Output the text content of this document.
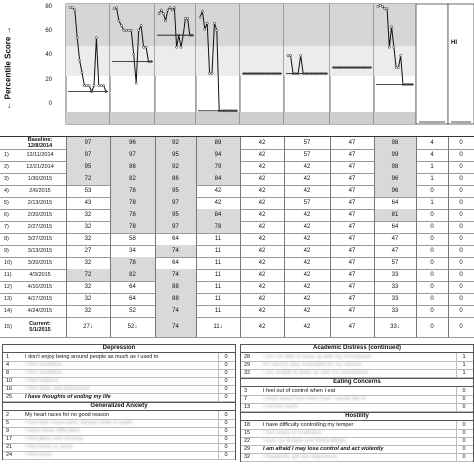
← Percentile Score →
80
60
40
20
0
HI
Baseline: 12/8/2014	97	96	92	89	42	57	47	98	4	0
1)	12/11/2014	97	97	95	94	42	57	47	99	4	0
2)	12/21/2014	95	86	92	79	42	42	47	98	1	0
3)	1/30/2015	72	82	86	84	42	42	47	96	1	0
4)	2/6/2015	53	78	95	42	42	42	47	96	0	0
5)	2/13/2015	43	78	97	42	42	57	47	64	1	0
6)	2/20/2015	32	78	95	84	42	42	47	81	0	0
7)	2/27/2015	32	78	97	78	42	42	47	64	0	0
8)	3/27/2015	32	58	64	11	42	42	47	47	0	0
9)	3/13/2015	27	34	74	11	42	42	47	47	0	0
10)	3/20/2015	32	78	64	11	42	42	47	57	0	0
11)	4/3/2015	72	82	74	11	42	42	47	33	0	0
12)	4/10/2015	32	64	88	11	42	42	47	33	0	0
13)	4/17/2015	32	64	88	11	42	42	47	33	0	0
14)	4/24/2015	32	52	74	11	42	42	47	33	0	0
15)	Current: 5/1/2015	27↓	52↓	74	11↓	42	42	47	33↓	0	0
Depression
1	I don't enjoy being around people as much as I used to	0
4	I feel worthless	0
8	I feel worthless	0
10	I feel helpless	0
16	I feel down and depressed	0
25	I have thoughts of ending my life	0
Generalized Anxiety
2	My heart races for no good reason	0
5	I feel that I have panic attacks while in public	0
9	I have sleep difficulties	0
17	I feel jittery and nervous	0
21	I feel tense or panic	0
24	I feel tense	0
Academic Distress (continued)
28	I am not able to keep up with my schoolwork	1
29	It's hard to stay motivated for my classes	1
32	I am unable to keep up with my schoolwork	1
Eating Concerns
3	I feel out of control when I eat	0
7	I think about food more than I would like to	0
13	I eat too much	0
Hostility
18	I have difficulty controlling my temper	0
15	I feel angry or frustrated	0
22	I lose my temper and throw things	0
29	I am afraid I may lose control and act violently	0
32	I frequently get into arguments	0
